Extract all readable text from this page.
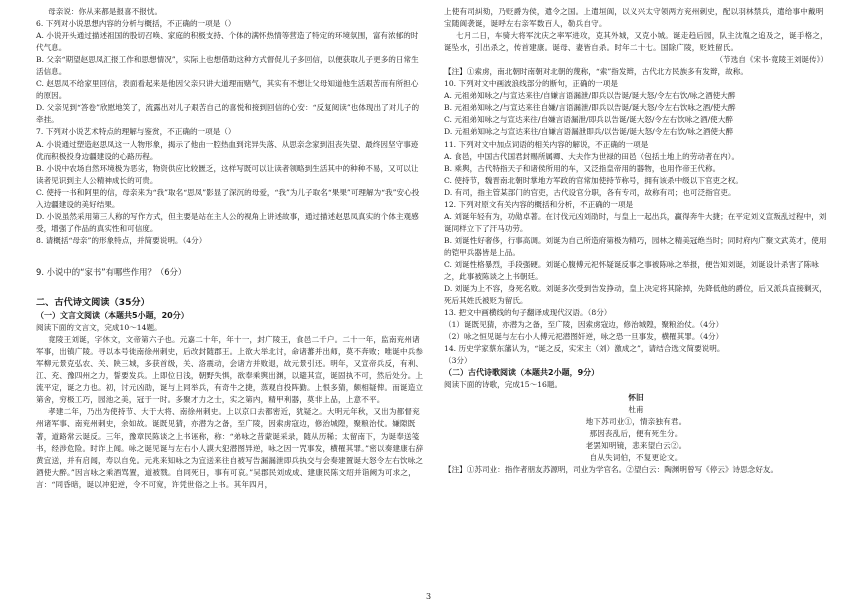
母亲说：你从来都是报喜不报忧。

6. 下列对小说思想内容的分析与概括，不正确的一项是（）

A. 小说开头通过描述祖国的股切召唤、家庭的积极支持、个体的满怀热情等营造了特定的环境氛围，富有浓郁的时代气息。

B. 父亲“期望赵思凤汇报工作和思想情况”，实际上也想借助这种方式督促儿子多回信，以便获取儿子更多的日常生活信息。

C. 赵思凤不给家里回信，表面看起来是他因父亲只讲大道理而赌气，其实有不想让父母知道他生活艰苦而有所担心的原因。

D. 父亲见到“答卷”欣慰地笑了，流露出对儿子艰苦自己的喜悦和接到回信的心安：“反复阅读”也体现出了对儿子的牵挂。

7. 下列对小说艺术特点的理解与鉴赏，不正确的一项是（）

A. 小说通过塑造赵思凤这一人物形象，揭示了他由一腔热血到诧异失落、从思亲念家到沮丧失望、最终因坚守事迹优而积极投身边疆建设的心路历程。

B. 小说中农场自然环境极为恶劣，物资供应比较匮乏，这样写既可以让读者领略到生活其中的种种不易，又可以让读者见识到主人公精神成长的可贵。

C. 使持一书和阿里的信，母亲来为“我”取名“思凤”影显了深沉的母爱，“我”为儿子取名“果果”可理解为“我”安心投入边疆建设的美好结果。

D. 小说虽然采用第三人称的写作方式，但主要是站在主人公的视角上讲述故事，通过描述赵思凤真实的个体主观感受，增强了作品的真实性和可信度。

8. 请概括“母亲”的形象特点，并简要说明。（4分）

9. 小说中的“家书”有哪些作用？（6分）

二、古代诗文阅读（35分）

（一）文言文阅读（本题共5小题，20分）

阅读下面的文言文，完成10～14题。

竟陵王刘诞，字休文，文帝第六子也。元嘉二十年，年十一，封广陵王，食邑二千户。二十一年，监南兖州诸军事，出镇广陵。寻以本号徙南徐州刺史，后改封随郡王。上欲大举北讨，命诸蕃并出师，莫不奔败；唯诞中兵参军柳元景克弘农、关、陕三城，多获首级，关、洛震动，会诸方并败退，故元景引还。明年，又宣帝兵反，有利、江、充、豫四州之力，誓要发兵。上即位日浅，朝野失惧，欲奉乘舆出渊，以避其宣，诞固执不可，然后处分。上流平定，诞之力也。初，讨元凶劭，诞与上同举兵，有奇牛之捷，蒸观自投阵勤。上恨多猜，颇相疑俾。而诞造立第舍，穷极工巧，园池之美，冠于一时。多聚才力之士，实之第内，精甲利器，莫非上品，上意不平。

孝建二年，乃出为使持节、大于大将、南徐州刺史。上以京口去都密近，犹疑之。大明元年秋，又出为都督兖州诸军事、南兖州刺史，余如故。诞既见猜，亦潜为之备，至广陵，因索虏寇边，修治城隍，聚粮治仗。嫌隙既著，道路常云诞反。三年，豫章民陈谈之上书诬称，称：“弟咏之昔蒙诞采录，随从历稀；太留南下，为诞奉送笺书，经涉危险。时诈上闻。咏之诞见诞与左右小人謨大犯潜图异逆，咏之因一咒事发，横罹其罪。”密以奏建康右辞黄宜送，并有启闻，寿以自免。元兆来知咏之为宜送来往自被写告漏漏泄即兵执交与会奏建置诞大怒令左右饮咏之酒使大醉。”因言咏之乘酒骂置，道被戮。自同死日，事有可哀。”吴郡民刘成成、建康民陈文绍并诣阙为可求之，言：“同昏暗，诞以冲犯逆，令不可宽，许凭世俗之上书。其年四月，

上使有司糾劾，乃贬爵为侯，遣令之国。上遣垣阆，以义兴太守领两方兖州刺史，配以羽林禁兵，遣给事中戴明宝随阆袭诞，诞呼左右亲军数百人，勒兵自守。

七月二日，车骑大将军沈庆之率军进攻，克其外城，又克小城。诞走趋后园，队主沈胤之追及之，诞手格之，诞坠水，引出杀之，传首建康。诞母、妻皆自杀。时年二十七。国除广陵，贬姓留氏。

（节选自《宋书·竟陵王刘诞传》）

【注】①索虏，南北朝时南朝对北朝的蔑称，“索”指发辫，古代北方民族多有发辫，故称。

10. 下列对文中画波浪线部分的断句，正确的一项是

A. 元祖弟知咏之/与宣达来往/自嫌言语漏泄/即兵以告诞/诞大怒/令左右饮/咏之酒使大醉

B. 元祖弟知咏之/与宣达来往自嫌/言语漏泄/即兵以告诞/诞大怒/令左右饮咏之酒/使大醉

C. 元祖弟知咏之与宣达来往/自嫌言语漏泄/即兵以告诞/诞大怒/令左右饮咏之酒/使大醉

D. 元祖弟知咏之与宣达来往/自嫌言语漏泄即兵/以告诞/诞大怒/令左右饮/咏之酒使大醉

11. 下列对文中加点词语的相关内容的解说，不正确的一项是

A. 食邑，中国古代国君封赐所属卿、大夫作为世禄的田邑（包括土地上的劳动者在内）。

B. 乘舆，古代特指天子和诸侯所用的车，又泛指皇帝用的器物，也用作帝王代称。

C. 使持节，魏晋南北朝时掌地方军政的官常加使持节称号，拥有该杀中级以下官吏之权。

D. 有司，指主管某部门的官吏，古代设官分职，各有专司，故称有司；也可泛指官吏。

12. 下列对原文有关内容的概括和分析，不正确的一项是

A. 刘诞年轻有为，功勋卓著。在讨伐元凶刘劭时，与皇上一起出兵，赢得奔牛大捷；在平定刘义宣叛乱过程中，刘诞同样立下了汗马功劳。

B. 刘诞性好奢侈，行事高调。刘诞为自己所造府第极为精巧，园林之精美冠绝当时；同时府内广聚文武英才，使用的铠甲兵器皆是上品。

C. 刘诞性格暴烈，手段强硬。刘诞心腹傅元祀怀疑诞反事之事被陈咏之举报，便告知刘诞，刘诞设计杀害了陈咏之，此事被陈谈之上书朝廷。

D. 刘诞为上不容，身死名败。刘诞多次受到告发挣动，皇上决定将其除掉，先降低他的爵位，后又派兵直接剿灭，死后其姓氏被贬为留氏。

13. 把文中画横线的句子翻译成现代汉语。（8分）

（1）诞既见猜，亦潜为之备，至广陵，因索虏寇边，修治城隍，聚粮治仗。（4分）

（2）咏之恒见诞与左右小人傅元祀潜图奸逆，咏之恐一旦事发，横罹其罪。（4分）

14. 历史学家蔡东藩认为，“诞之反，实宋主（刘）激成之”，请结合选文简要说明。

（3分）

（二）古代诗歌阅读（本题共2小题，9分）

阅读下面的诗歌，完成15～16题。

怀旧

杜甫

地下苏司业①，情亲独有君。

那因丧乱后，便有死生分。

老罢知明镜，悲来望白云②。

自从失词伯，不复更论文。

【注】①苏司业：指作者朋友苏源明，司业为学官名。②望白云：陶渊明曾写《停云》诗思念好友。

3
